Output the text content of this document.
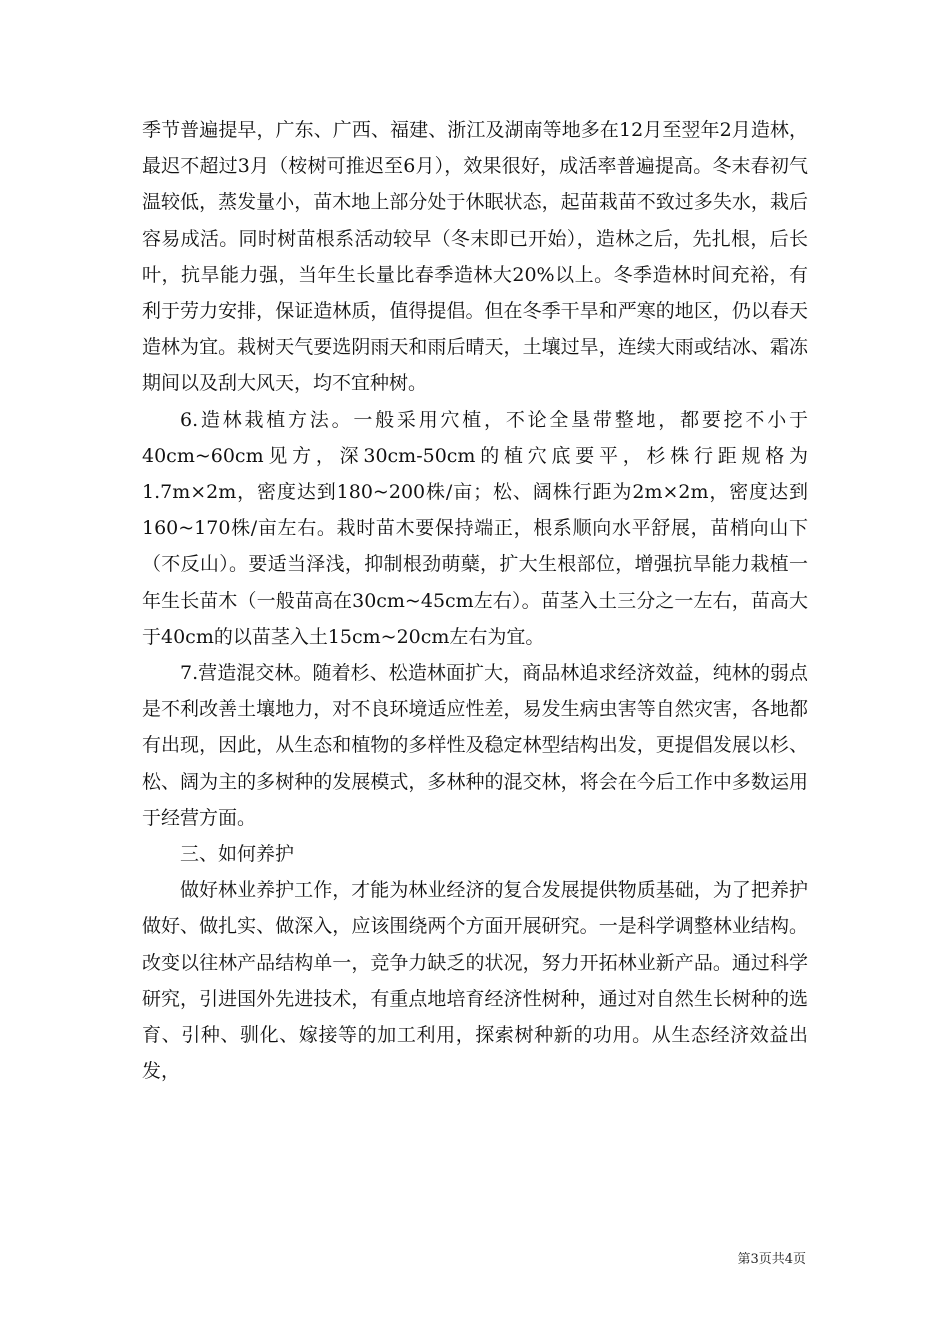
季节普遍提早，广东、广西、福建、浙江及湖南等地多在12月至翌年2月造林，最迟不超过3月（桉树可推迟至6月），效果很好，成活率普遍提高。冬末春初气温较低，蒸发量小，苗木地上部分处于休眠状态，起苗栽苗不致过多失水，栽后容易成活。同时树苗根系活动较早（冬末即已开始），造林之后，先扎根，后长叶，抗旱能力强，当年生长量比春季造林大20%以上。冬季造林时间充裕，有利于劳力安排，保证造林质，值得提倡。但在冬季干旱和严寒的地区，仍以春天造林为宜。栽树天气要选阴雨天和雨后晴天，土壤过旱，连续大雨或结冰、霜冻期间以及刮大风天，均不宜种树。

6.造林栽植方法。一般采用穴植，不论全垦带整地，都要挖不小于40cm~60cm见方，深30cm-50cm的植穴底要平，杉株行距规格为1.7m×2m，密度达到180~200株/亩；松、阔株行距为2m×2m，密度达到160~170株/亩左右。栽时苗木要保持端正，根系顺向水平舒展，苗梢向山下（不反山）。要适当泽浅，抑制根劲萌蘖，扩大生根部位，增强抗旱能力栽植一年生长苗木（一般苗高在30cm~45cm左右）。苗茎入土三分之一左右，苗高大于40cm的以苗茎入土15cm~20cm左右为宜。

7.营造混交林。随着杉、松造林面扩大，商品林追求经济效益，纯林的弱点是不利改善土壤地力，对不良环境适应性差，易发生病虫害等自然灾害，各地都有出现，因此，从生态和植物的多样性及稳定林型结构出发，更提倡发展以杉、松、阔为主的多树种的发展模式，多林种的混交林，将会在今后工作中多数运用于经营方面。

三、如何养护

做好林业养护工作，才能为林业经济的复合发展提供物质基础，为了把养护做好、做扎实、做深入，应该围绕两个方面开展研究。一是科学调整林业结构。改变以往林产品结构单一，竞争力缺乏的状况，努力开拓林业新产品。通过科学研究，引进国外先进技术，有重点地培育经济性树种，通过对自然生长树种的选育、引种、驯化、嫁接等的加工利用，探索树种新的功用。从生态经济效益出发，

第3页共4页
